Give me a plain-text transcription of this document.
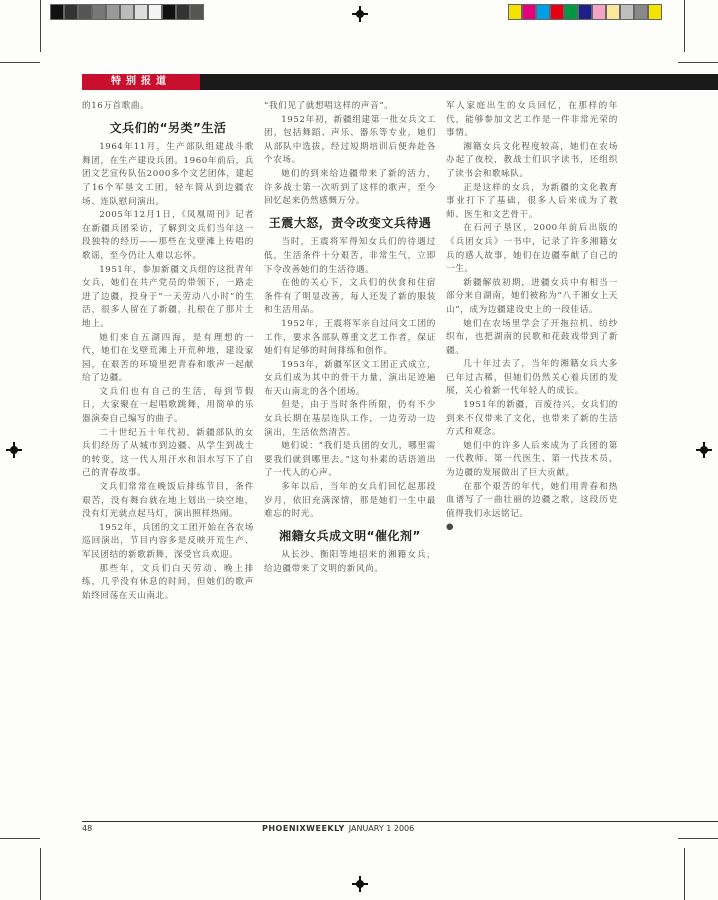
特别报道

的16万首歌曲。

文兵们的“另类”生活

1964年11月，生产部队组建战斗歌舞团，在生产建设兵团。1960年前后，兵团文艺宣传队伍2000多个文艺团体，建起了16个军垦文工团，轻车简从到边疆农场、连队慰问演出。

2005年12月1日，《凤凰周刊》记者在新疆兵团采访，了解到文兵们当年这一段独特的经历——那些在戈壁滩上传唱的歌谣，至今仍让人难以忘怀。

1951年，参加新疆文兵组的这批青年女兵，她们在共产党员的带领下，一路走进了边疆，投身于“一天劳动八小时”的生活，很多人留在了新疆，扎根在了那片土地上。

她们来自五湖四海，是有理想的一代，她们在戈壁荒滩上开荒种地，建设家园，在艰苦的环境里把青春和歌声一起献给了边疆。

文兵们也有自己的生活，每到节假日，大家聚在一起唱歌跳舞，用简单的乐器演奏自己编写的曲子。

二十世纪五十年代初，新疆部队的女兵们经历了从城市到边疆、从学生到战士的转变，这一代人用汗水和泪水写下了自己的青春故事。

文兵们常常在晚饭后排练节目，条件艰苦，没有舞台就在地上划出一块空地，没有灯光就点起马灯，演出照样热闹。

1952年，兵团的文工团开始在各农场巡回演出，节目内容多是反映开荒生产、军民团结的新歌新舞，深受官兵欢迎。

那些年，文兵们白天劳动、晚上排练，几乎没有休息的时间，但她们的歌声始终回荡在天山南北。

“我们见了就想唱这样的声音”。

1952年初，新疆组建第一批女兵文工团，包括舞蹈、声乐、器乐等专业，她们从部队中选拔，经过短期培训后便奔赴各个农场。

她们的到来给边疆带来了新的活力，许多战士第一次听到了这样的歌声，至今回忆起来仍然感慨万分。

王震大怒，责令改变文兵待遇

当时，王震将军得知女兵们的待遇过低，生活条件十分艰苦，非常生气，立即下令改善她们的生活待遇。

在他的关心下，文兵们的伙食和住宿条件有了明显改善，每人还发了新的服装和生活用品。

1952年，王震将军亲自过问文工团的工作，要求各部队尊重文艺工作者，保证她们有足够的时间排练和创作。

1953年，新疆军区文工团正式成立，女兵们成为其中的骨干力量，演出足迹遍布天山南北的各个团场。

但是，由于当时条件所限，仍有不少女兵长期在基层连队工作，一边劳动一边演出，生活依然清苦。

她们说：“我们是兵团的女儿，哪里需要我们就到哪里去。”这句朴素的话语道出了一代人的心声。

多年以后，当年的女兵们回忆起那段岁月，依旧充满深情，那是她们一生中最难忘的时光。

湘籍女兵成文明“催化剂”

从长沙、衡阳等地招来的湘籍女兵，给边疆带来了文明的新风尚。

军人家庭出生的女兵回忆，在那样的年代，能够参加文艺工作是一件非常光荣的事情。

湘籍女兵文化程度较高，她们在农场办起了夜校，教战士们识字读书，还组织了读书会和歌咏队。

正是这样的女兵，为新疆的文化教育事业打下了基础，很多人后来成为了教师、医生和文艺骨干。

在石河子垦区，2000年前后出版的《兵团女兵》一书中，记录了许多湘籍女兵的感人故事，她们在边疆奉献了自己的一生。

新疆解放初期，进疆女兵中有相当一部分来自湖南，她们被称为“八千湘女上天山”，成为边疆建设史上的一段佳话。

她们在农场里学会了开拖拉机、纺纱织布，也把湖南的民歌和花鼓戏带到了新疆。

几十年过去了，当年的湘籍女兵大多已年过古稀，但她们仍然关心着兵团的发展，关心着新一代年轻人的成长。

1951年的新疆，百废待兴，女兵们的到来不仅带来了文化，也带来了新的生活方式和观念。

她们中的许多人后来成为了兵团的第一代教师、第一代医生、第一代技术员，为边疆的发展做出了巨大贡献。

在那个艰苦的年代，她们用青春和热血谱写了一曲壮丽的边疆之歌，这段历史值得我们永远铭记。

●
48	PHOENIXWEEKLY JANUARY 1 2006
